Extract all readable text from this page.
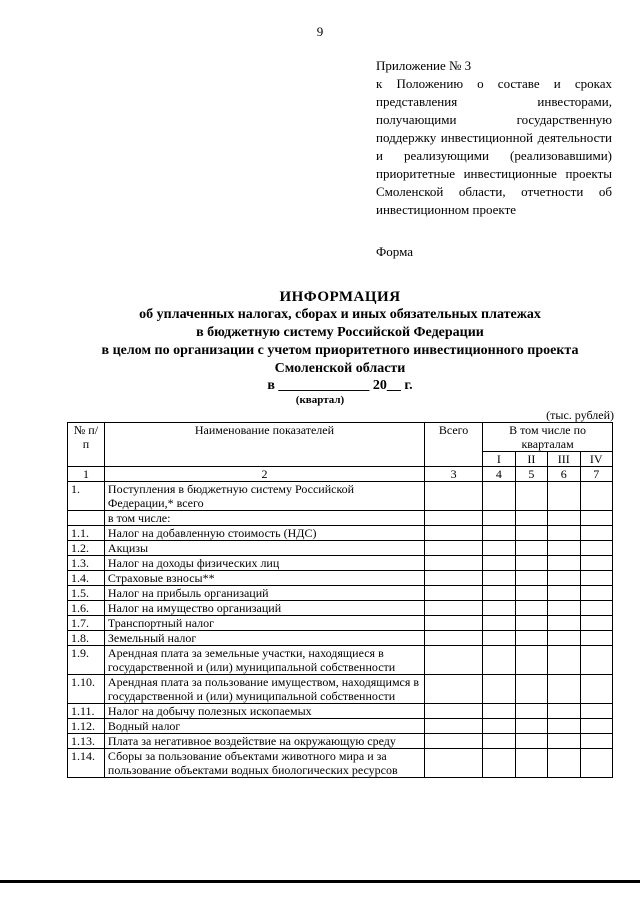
9
Приложение № 3
к Положению о составе и сроках представления инвесторами, получающими государственную поддержку инвестиционной деятельности и реализующими (реализовавшими) приоритетные инвестиционные проекты Смоленской области, отчетности об инвестиционном проекте
Форма
ИНФОРМАЦИЯ
об уплаченных налогах, сборах и иных обязательных платежах
в бюджетную систему Российской Федерации
в целом по организации с учетом приоритетного инвестиционного проекта
Смоленской области
в _____________ 20__ г.
(квартал)
(тыс. рублей)
№ п/п	Наименование показателей	Всего	В том числе по кварталам			
			I	II	III	IV
1	2	3	4	5	6	7
1.	Поступления в бюджетную систему Российской Федерации,* всего					
	в том числе:					
1.1.	Налог на добавленную стоимость (НДС)					
1.2.	Акцизы					
1.3.	Налог на доходы физических лиц					
1.4.	Страховые взносы**					
1.5.	Налог на прибыль организаций					
1.6.	Налог на имущество организаций					
1.7.	Транспортный налог					
1.8.	Земельный налог					
1.9.	Арендная плата за земельные участки, находящиеся в государственной и (или) муниципальной собственности					
1.10.	Арендная плата за пользование имуществом, находящимся в государственной и (или) муниципальной собственности					
1.11.	Налог на добычу полезных ископаемых					
1.12.	Водный налог					
1.13.	Плата за негативное воздействие на окружающую среду					
1.14.	Сборы за пользование объектами животного мира и за пользование объектами водных биологических ресурсов					
